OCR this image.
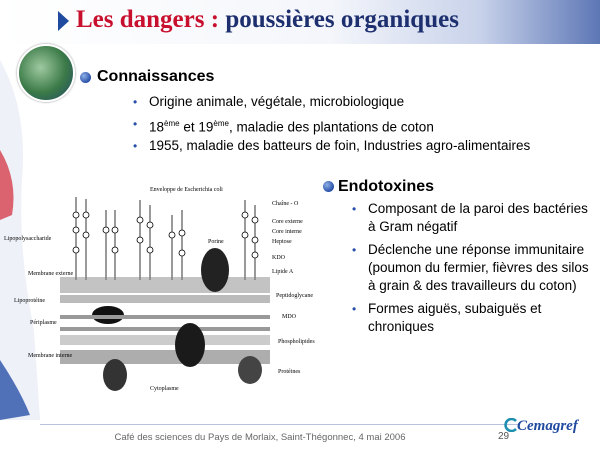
Les dangers : poussières organiques
Connaissances
• Origine animale, végétale, microbiologique
• 18ème et 19ème, maladie des plantations de coton
• 1955, maladie des batteurs de foin, Industries agro-alimentaires
Enveloppe de Escherichia coli
Lipopolysaccharide
Membrane externe
Lipoprotéine
Périplasme
Membrane interne
Chaîne - O
Core externe
Core interne
Heptose
KDO
Lipide A
Peptidoglycane
MDO
Phospholipides
Protéines
Porine
Cytoplasme
Endotoxines
• Composant de la paroi des bactéries à Gram négatif
• Déclenche une réponse immunitaire (poumon du fermier, fièvres des silos à grain & des travailleurs du coton)
• Formes aiguës, subaiguës et chroniques
Café des sciences du Pays de Morlaix, Saint-Thégonnec, 4 mai 2006	29
Cemagref
